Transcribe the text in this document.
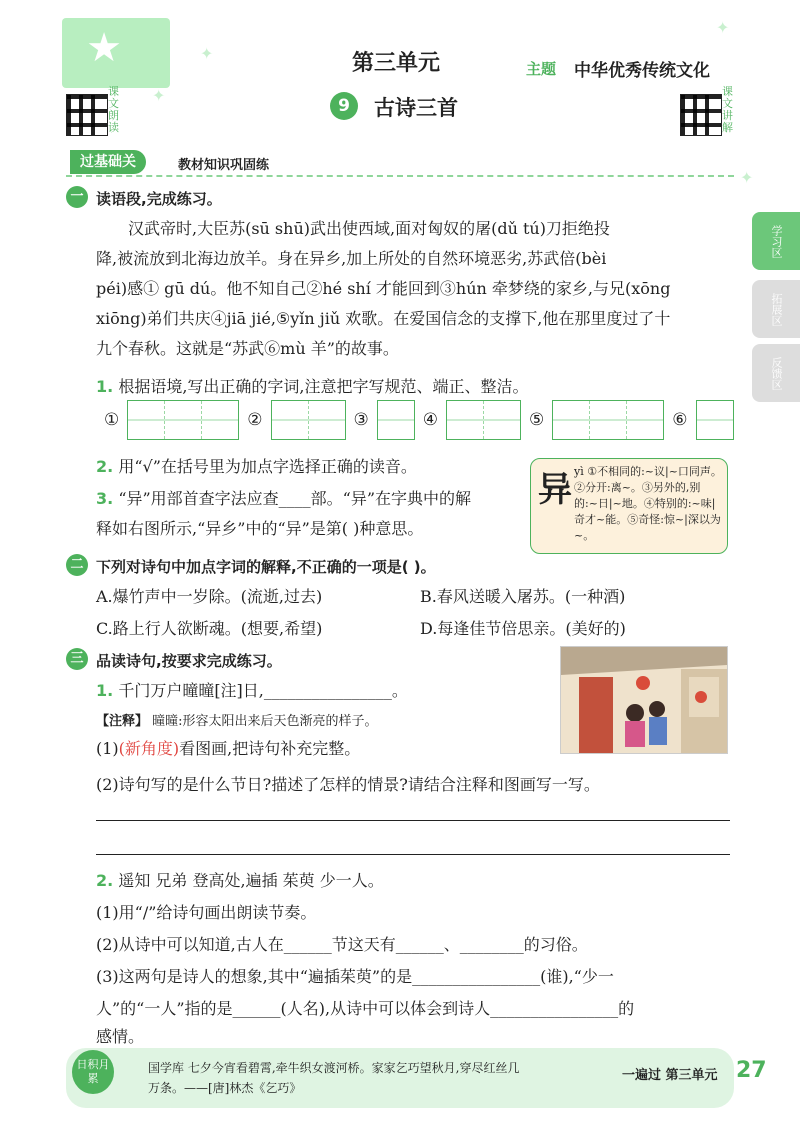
★	✦
✦
✦
✦
课文朗读
课文讲解
第三单元	主题 中华优秀传统文化
9	古诗三首
过基础关	教材知识巩固练
学习区
拓展区
反馈区
一 读语段,完成练习。
汉武帝时,大臣苏(sū shū)武出使西域,面对匈奴的屠(dǔ tú)刀拒绝投
降,被流放到北海边放羊。身在异乡,加上所处的自然环境恶劣,苏武倍(bèi
péi)感① gū dú。他不知自己②hé shí 才能回到③hún 牵梦绕的家乡,与兄(xōng
xiōng)弟们共庆④jiā jié,⑤yǐn jiǔ 欢歌。在爱国信念的支撑下,他在那里度过了十
九个春秋。这就是“苏武⑥mù 羊”的故事。
1. 根据语境,写出正确的字词,注意把字写规范、端正、整洁。
①	②	③	④	⑤	⑥
2. 用“√”在括号里为加点字选择正确的读音。
3. “异”用部首查字法应查____部。“异”在字典中的解
释如右图所示,“异乡”中的“异”是第( )种意思。
异 yì ①不相同的:~议|~口同声。②分开:离~。③另外的,别的:~日|~地。④特别的:~味|奇才~能。⑤奇怪:惊~|深以为~。
二 下列对诗句中加点字词的解释,不正确的一项是( )。
A.爆竹声中一岁除。(流逝,过去)	B.春风送暖入屠苏。(一种酒)
C.路上行人欲断魂。(想要,希望)	D.每逢佳节倍思亲。(美好的)
三 品读诗句,按要求完成练习。
1. 千门万户曈曈[注]日,________________。
【注释】 曈曈:形容太阳出来后天色渐亮的样子。
(1)(新角度)看图画,把诗句补充完整。
(2)诗句写的是什么节日?描述了怎样的情景?请结合注释和图画写一写。
2. 遥知 兄弟 登高处,遍插 茱萸 少一人。
(1)用“/”给诗句画出朗读节奏。
(2)从诗中可以知道,古人在______节这天有______、________的习俗。
(3)这两句是诗人的想象,其中“遍插茱萸”的是________________(谁),“少一
人”的“一人”指的是______(人名),从诗中可以体会到诗人________________的
感情。
日积月累
国学库 七夕今宵看碧霄,牵牛织女渡河桥。家家乞巧望秋月,穿尽红丝几
万条。——[唐]林杰《乞巧》
一遍过 第三单元 27
